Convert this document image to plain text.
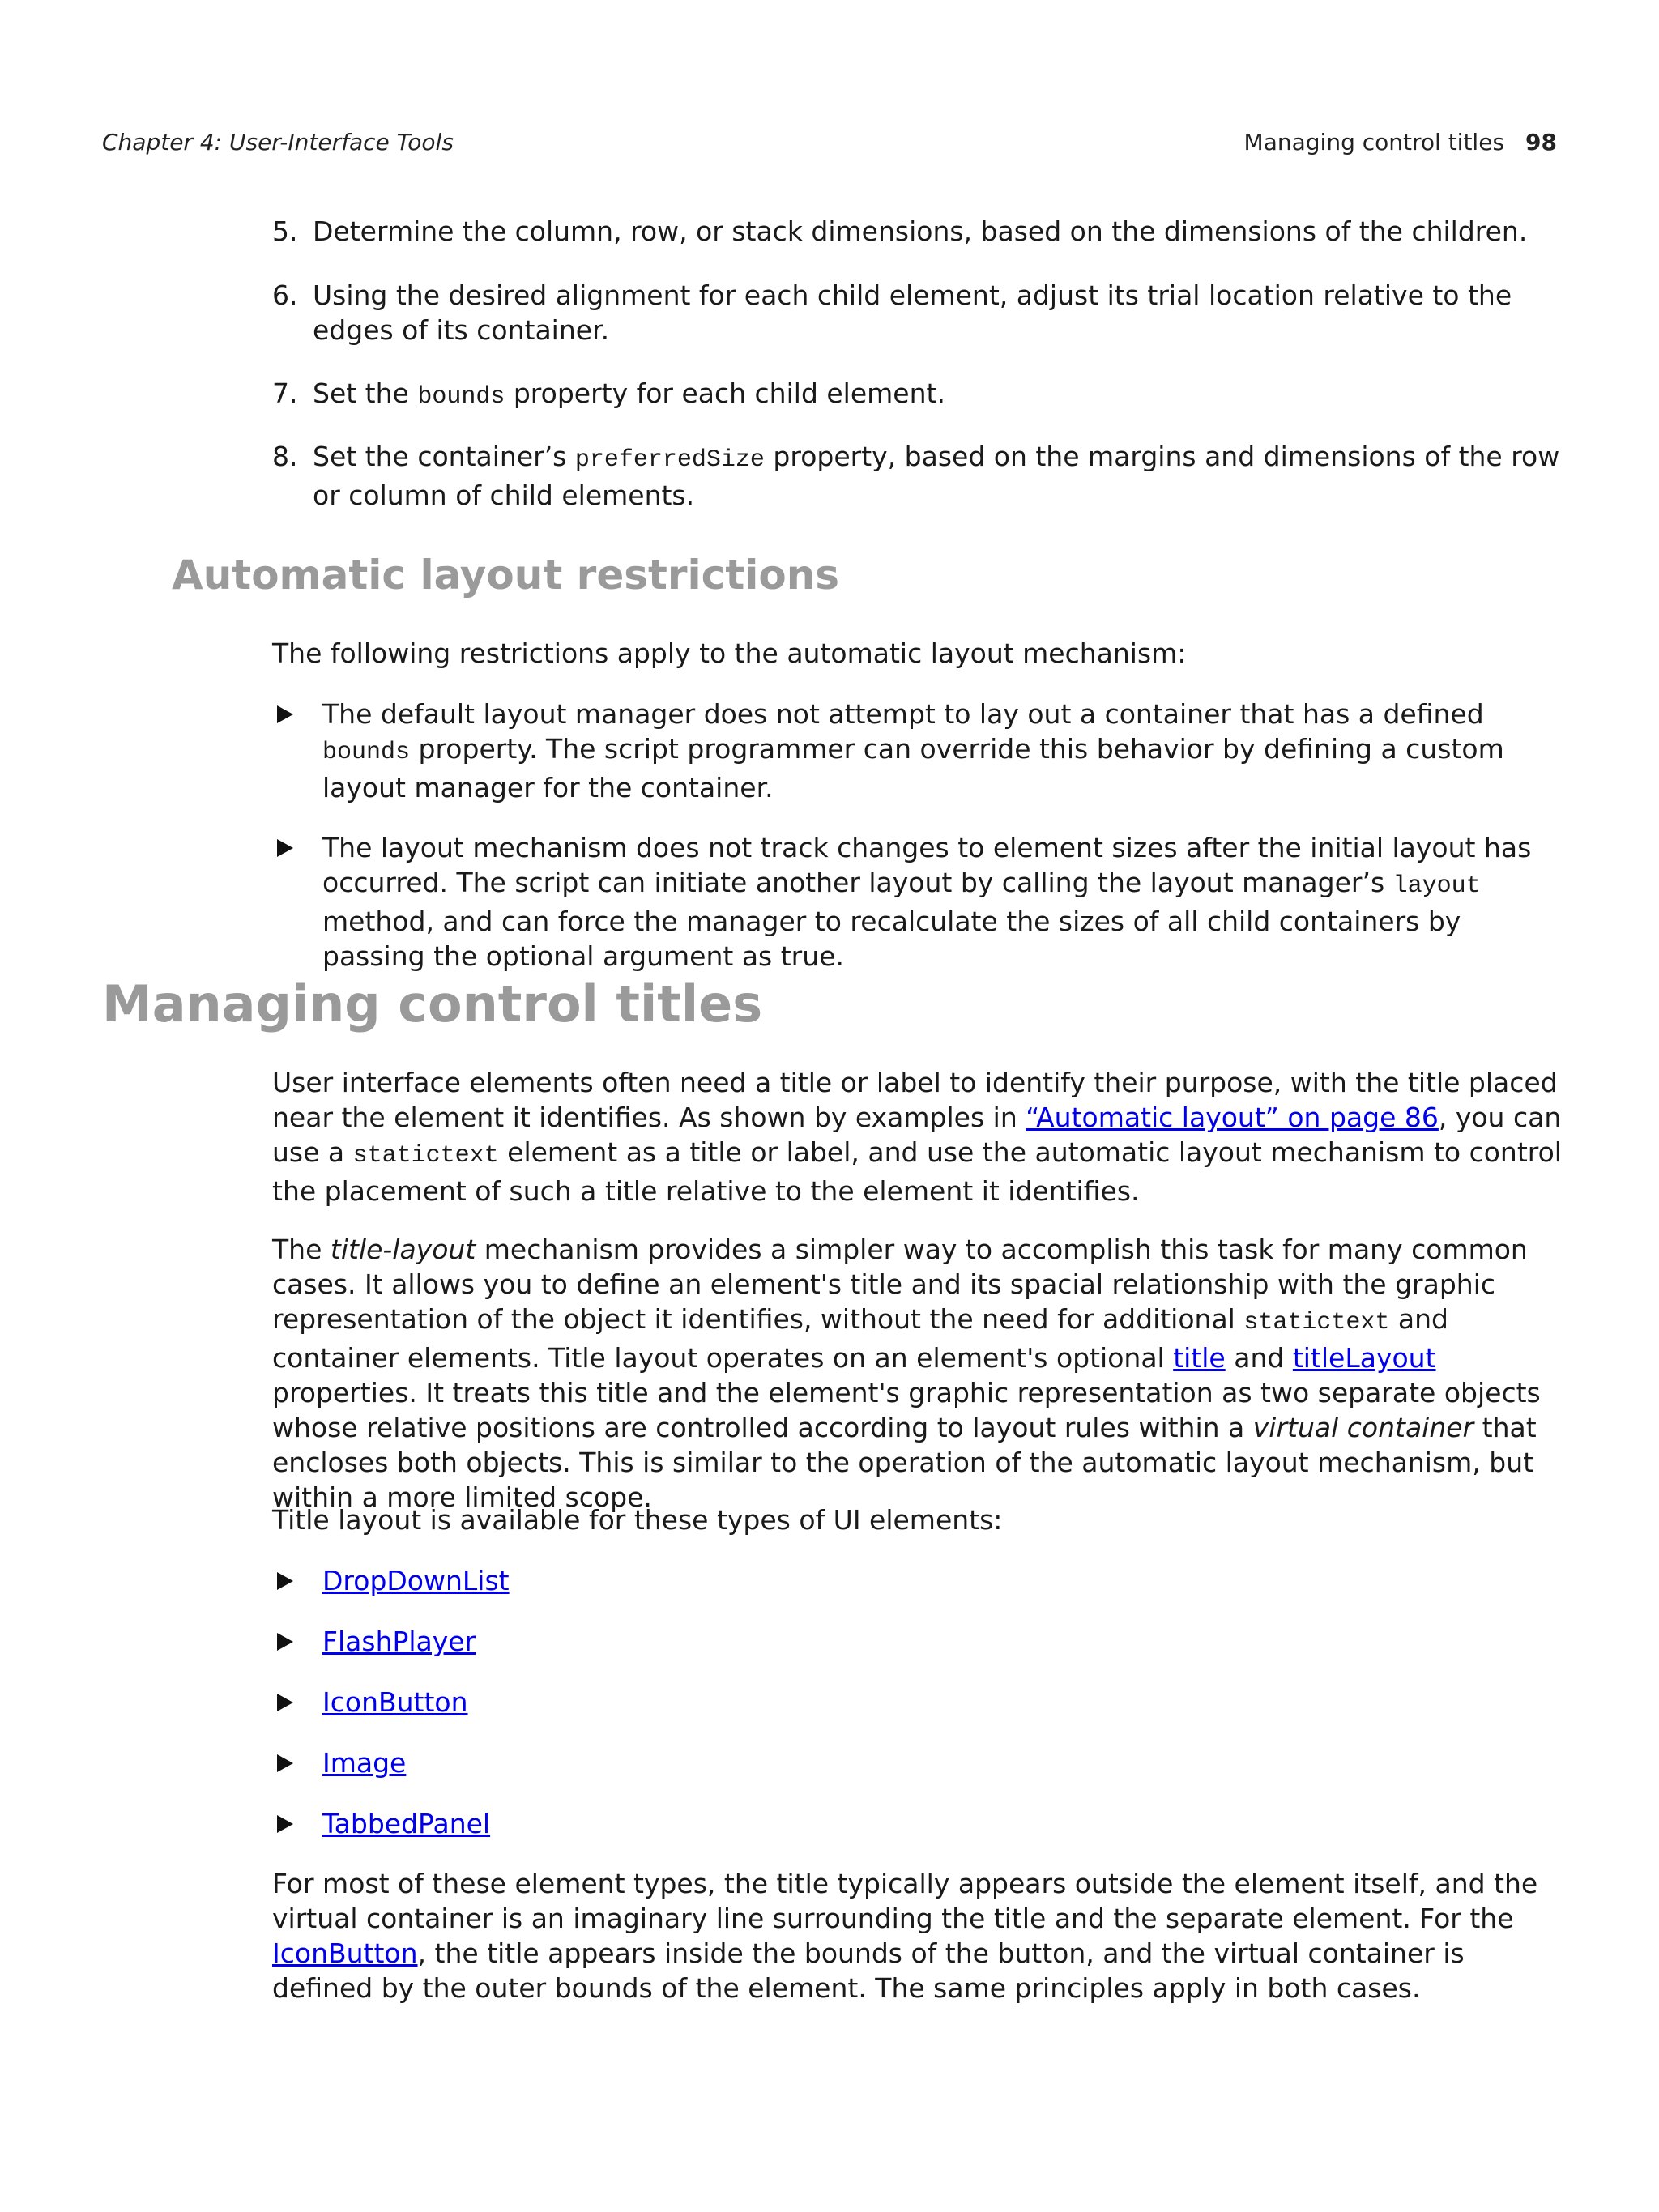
Chapter 4: User-Interface Tools	Managing control titles 98
5. Determine the column, row, or stack dimensions, based on the dimensions of the children.
6. Using the desired alignment for each child element, adjust its trial location relative to the edges of its container.
7. Set the bounds property for each child element.
8. Set the container’s preferredSize property, based on the margins and dimensions of the row or column of child elements.
Automatic layout restrictions
The following restrictions apply to the automatic layout mechanism:
The default layout manager does not attempt to lay out a container that has a defined bounds property. The script programmer can override this behavior by defining a custom layout manager for the container.
The layout mechanism does not track changes to element sizes after the initial layout has occurred. The script can initiate another layout by calling the layout manager’s layout method, and can force the manager to recalculate the sizes of all child containers by passing the optional argument as true.
Managing control titles
User interface elements often need a title or label to identify their purpose, with the title placed near the element it identifies. As shown by examples in “Automatic layout” on page 86, you can use a statictext element as a title or label, and use the automatic layout mechanism to control the placement of such a title relative to the element it identifies.
The title-layout mechanism provides a simpler way to accomplish this task for many common cases. It allows you to define an element's title and its spacial relationship with the graphic representation of the object it identifies, without the need for additional statictext and container elements. Title layout operates on an element's optional title and titleLayout properties. It treats this title and the element's graphic representation as two separate objects whose relative positions are controlled according to layout rules within a virtual container that encloses both objects. This is similar to the operation of the automatic layout mechanism, but within a more limited scope.
Title layout is available for these types of UI elements:
DropDownList
FlashPlayer
IconButton
Image
TabbedPanel
For most of these element types, the title typically appears outside the element itself, and the virtual container is an imaginary line surrounding the title and the separate element. For the IconButton, the title appears inside the bounds of the button, and the virtual container is defined by the outer bounds of the element. The same principles apply in both cases.
